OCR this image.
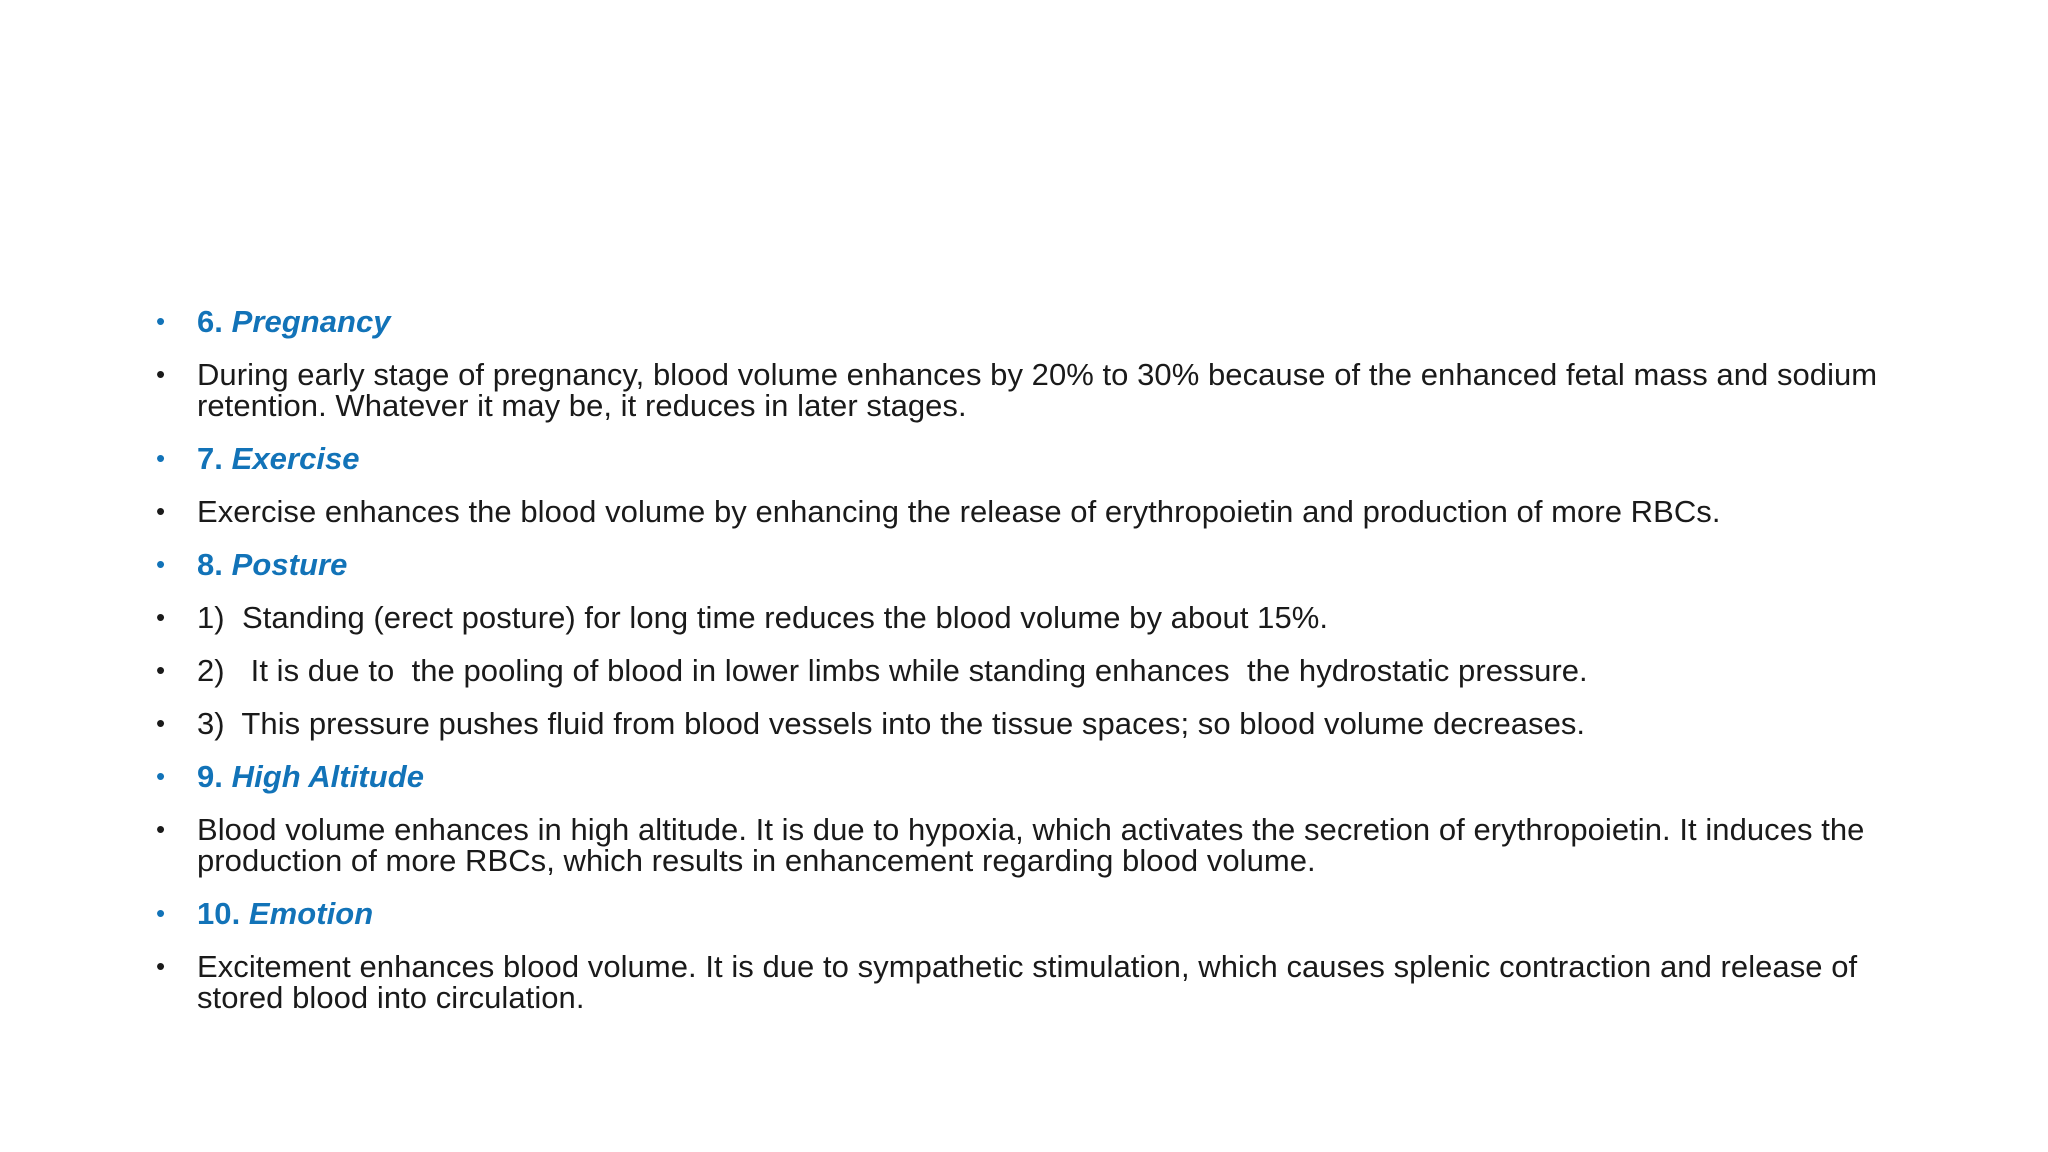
• 6. Pregnancy
• During early stage of pregnancy, blood volume enhances by 20% to 30% because of the enhanced fetal mass and sodium retention. Whatever it may be, it reduces in later stages.
• 7. Exercise
• Exercise enhances the blood volume by enhancing the release of erythropoietin and production of more RBCs.
• 8. Posture
• 1)  Standing (erect posture) for long time reduces the blood volume by about 15%.
• 2)   It is due to  the pooling of blood in lower limbs while standing enhances  the hydrostatic pressure.
• 3)  This pressure pushes fluid from blood vessels into the tissue spaces; so blood volume decreases.
• 9. High Altitude
• Blood volume enhances in high altitude. It is due to hypoxia, which activates the secretion of erythropoietin. It induces the production of more RBCs, which results in enhancement regarding blood volume.
• 10. Emotion
• Excitement enhances blood volume. It is due to sympathetic stimulation, which causes splenic contraction and release of stored blood into circulation.
